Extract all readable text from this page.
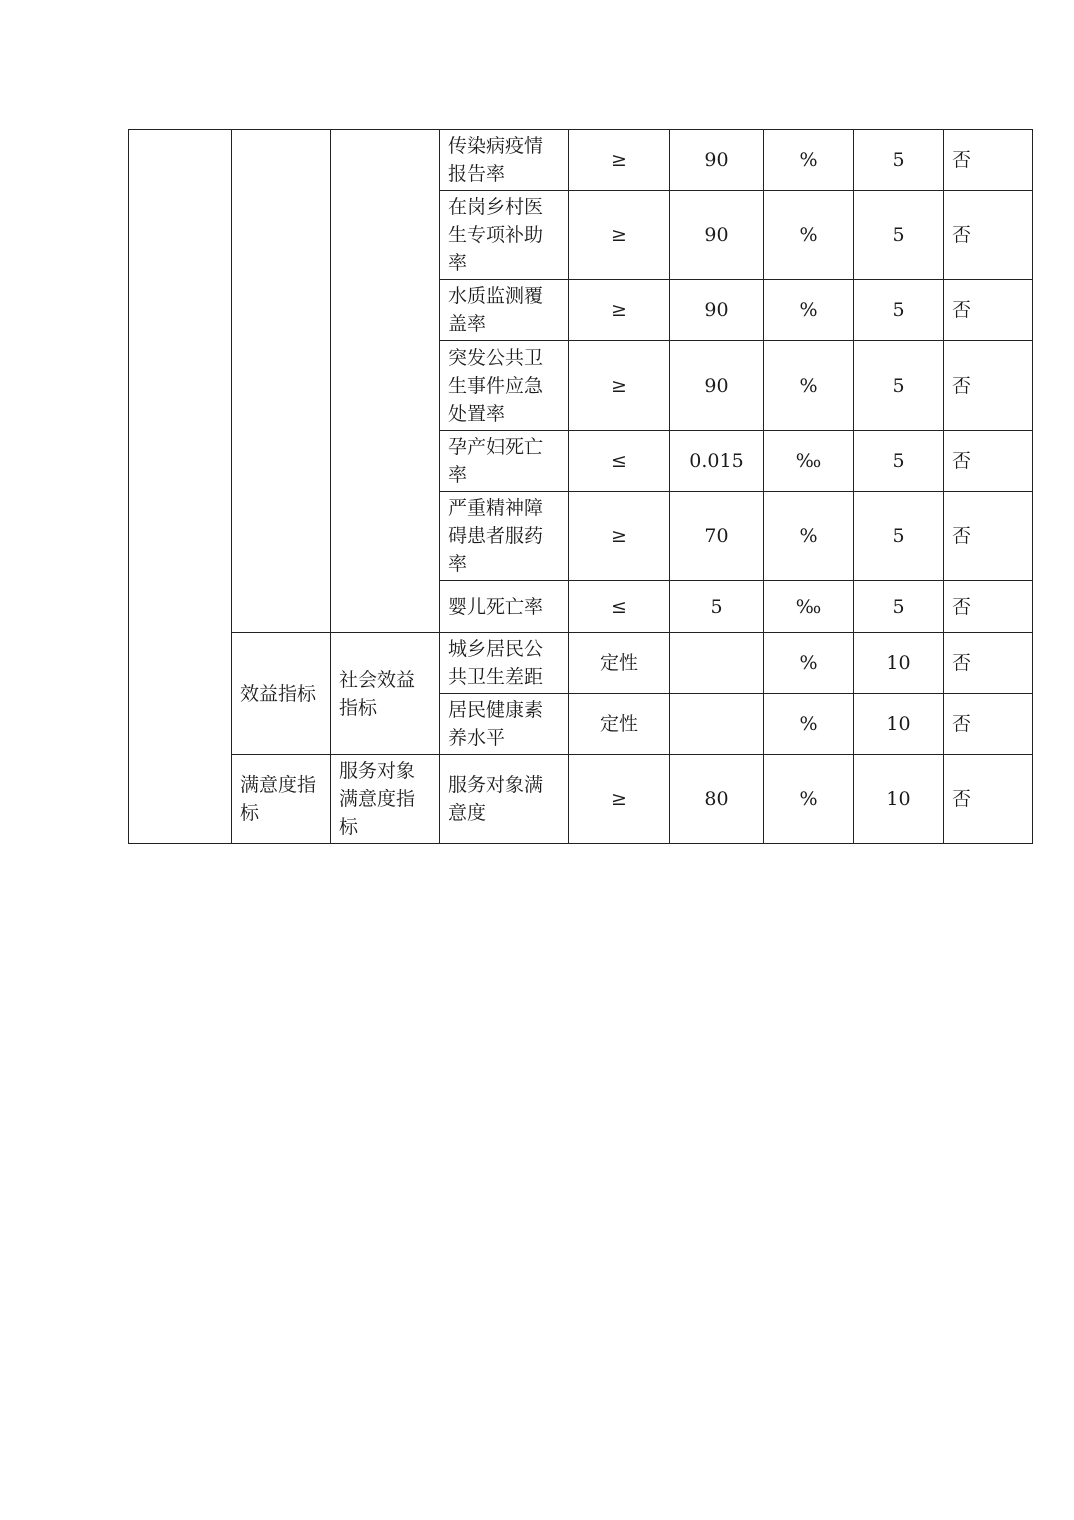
			传染病疫情报告率	≥	90	%	5	否
			在岗乡村医生专项补助率	≥	90	%	5	否
			水质监测覆盖率	≥	90	%	5	否
			突发公共卫生事件应急处置率	≥	90	%	5	否
			孕产妇死亡率	≤	0.015	‰	5	否
			严重精神障碍患者服药率	≥	70	%	5	否
			婴儿死亡率	≤	5	‰	5	否
	效益指标	社会效益指标	城乡居民公共卫生差距	定性		%	10	否
			居民健康素养水平	定性		%	10	否
	满意度指标	服务对象满意度指标	服务对象满意度	≥	80	%	10	否
